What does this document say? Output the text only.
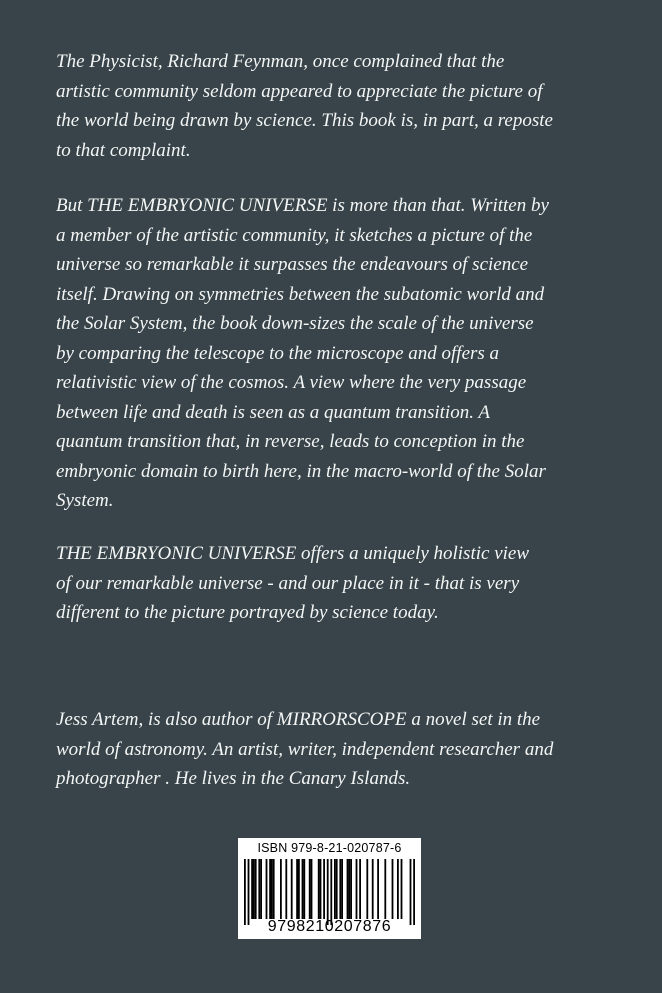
The Physicist, Richard Feynman, once complained that the
artistic community seldom appeared to appreciate the picture of
the world being drawn by science. This book is, in part, a reposte
to that complaint.

But THE EMBRYONIC UNIVERSE is more than that. Written by
a member of the artistic community, it sketches a picture of the
universe so remarkable it surpasses the endeavours of science
itself. Drawing on symmetries between the subatomic world and
the Solar System, the book down-sizes the scale of the universe
by comparing the telescope to the microscope and offers a
relativistic view of the cosmos. A view where the very passage
between life and death is seen as a quantum transition. A
quantum transition that, in reverse, leads to conception in the
embryonic domain to birth here, in the macro-world of the Solar
System.

THE EMBRYONIC UNIVERSE offers a uniquely holistic view
of our remarkable universe - and our place in it - that is very
different to the picture portrayed by science today.

Jess Artem, is also author of MIRRORSCOPE a novel set in the
world of astronomy. An artist, writer, independent researcher and
photographer . He lives in the Canary Islands.

ISBN 979-8-21-020787-6
9798210207876
